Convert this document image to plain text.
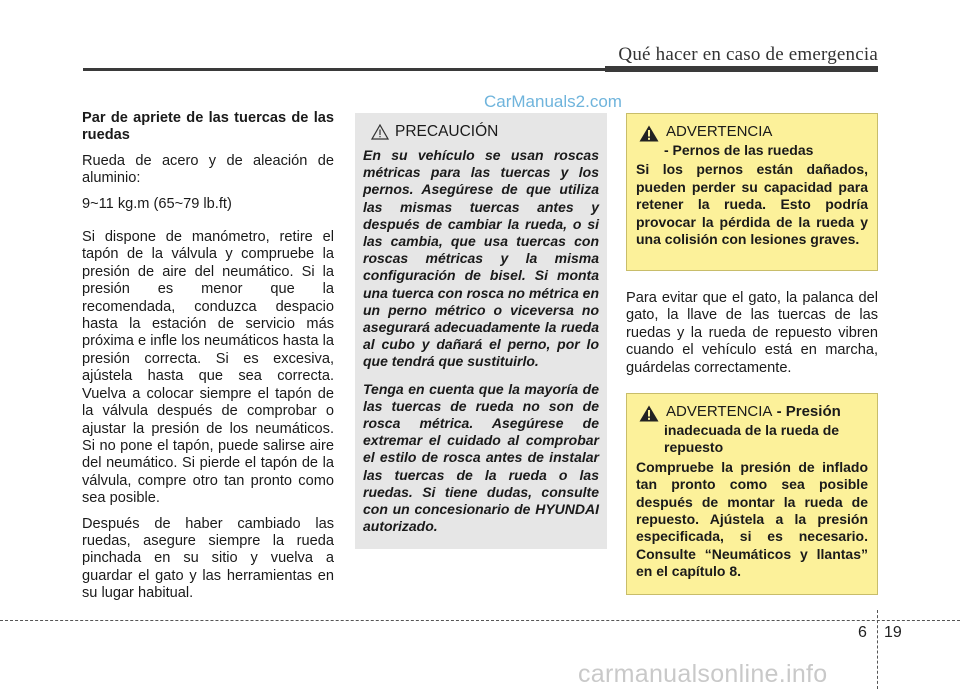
Qué hacer en caso de emergencia
CarManuals2.com

Par de apriete de las tuercas de las ruedas

Rueda de acero y de aleación de aluminio:

9~11 kg.m (65~79 lb.ft)

Si dispone de manómetro, retire el tapón de la válvula y compruebe la presión de aire del neumático. Si la presión es menor que la recomendada, conduzca despacio hasta la estación de servicio más próxima e infle los neumáticos hasta la presión correcta. Si es excesiva, ajústela hasta que sea correcta. Vuelva a colocar siempre el tapón de la válvula después de comprobar o ajustar la presión de los neumáticos. Si no pone el tapón, puede salirse aire del neumático. Si pierde el tapón de la válvula, compre otro tan pronto como sea posible.

Después de haber cambiado las ruedas, asegure siempre la rueda pinchada en su sitio y vuelva a guardar el gato y las herramientas en su lugar habitual.

PRECAUCIÓN

En su vehículo se usan roscas métricas para las tuercas y los pernos. Asegúrese de que utiliza las mismas tuercas antes y después de cambiar la rueda, o si las cambia, que usa tuercas con roscas métricas y la misma configuración de bisel. Si monta una tuerca con rosca no métrica en un perno métrico o viceversa no asegurará adecuadamente la rueda al cubo y dañará el perno, por lo que tendrá que sustituirlo.

Tenga en cuenta que la mayoría de las tuercas de rueda no son de rosca métrica. Asegúrese de extremar el cuidado al comprobar el estilo de rosca antes de instalar las tuercas de la rueda o las ruedas. Si tiene dudas, consulte con un concesionario de HYUNDAI autorizado.

ADVERTENCIA
- Pernos de las ruedas
Si los pernos están dañados, pueden perder su capacidad para retener la rueda. Esto podría provocar la pérdida de la rueda y una colisión con lesiones graves.

Para evitar que el gato, la palanca del gato, la llave de las tuercas de las ruedas y la rueda de repuesto vibren cuando el vehículo está en marcha, guárdelas correctamente.

ADVERTENCIA - Presión
inadecuada de la rueda de repuesto
Compruebe la presión de inflado tan pronto como sea posible después de montar la rueda de repuesto. Ajústela a la presión especificada, si es necesario. Consulte “Neumáticos y llantas” en el capítulo 8.
6 19
carmanualsonline.info
